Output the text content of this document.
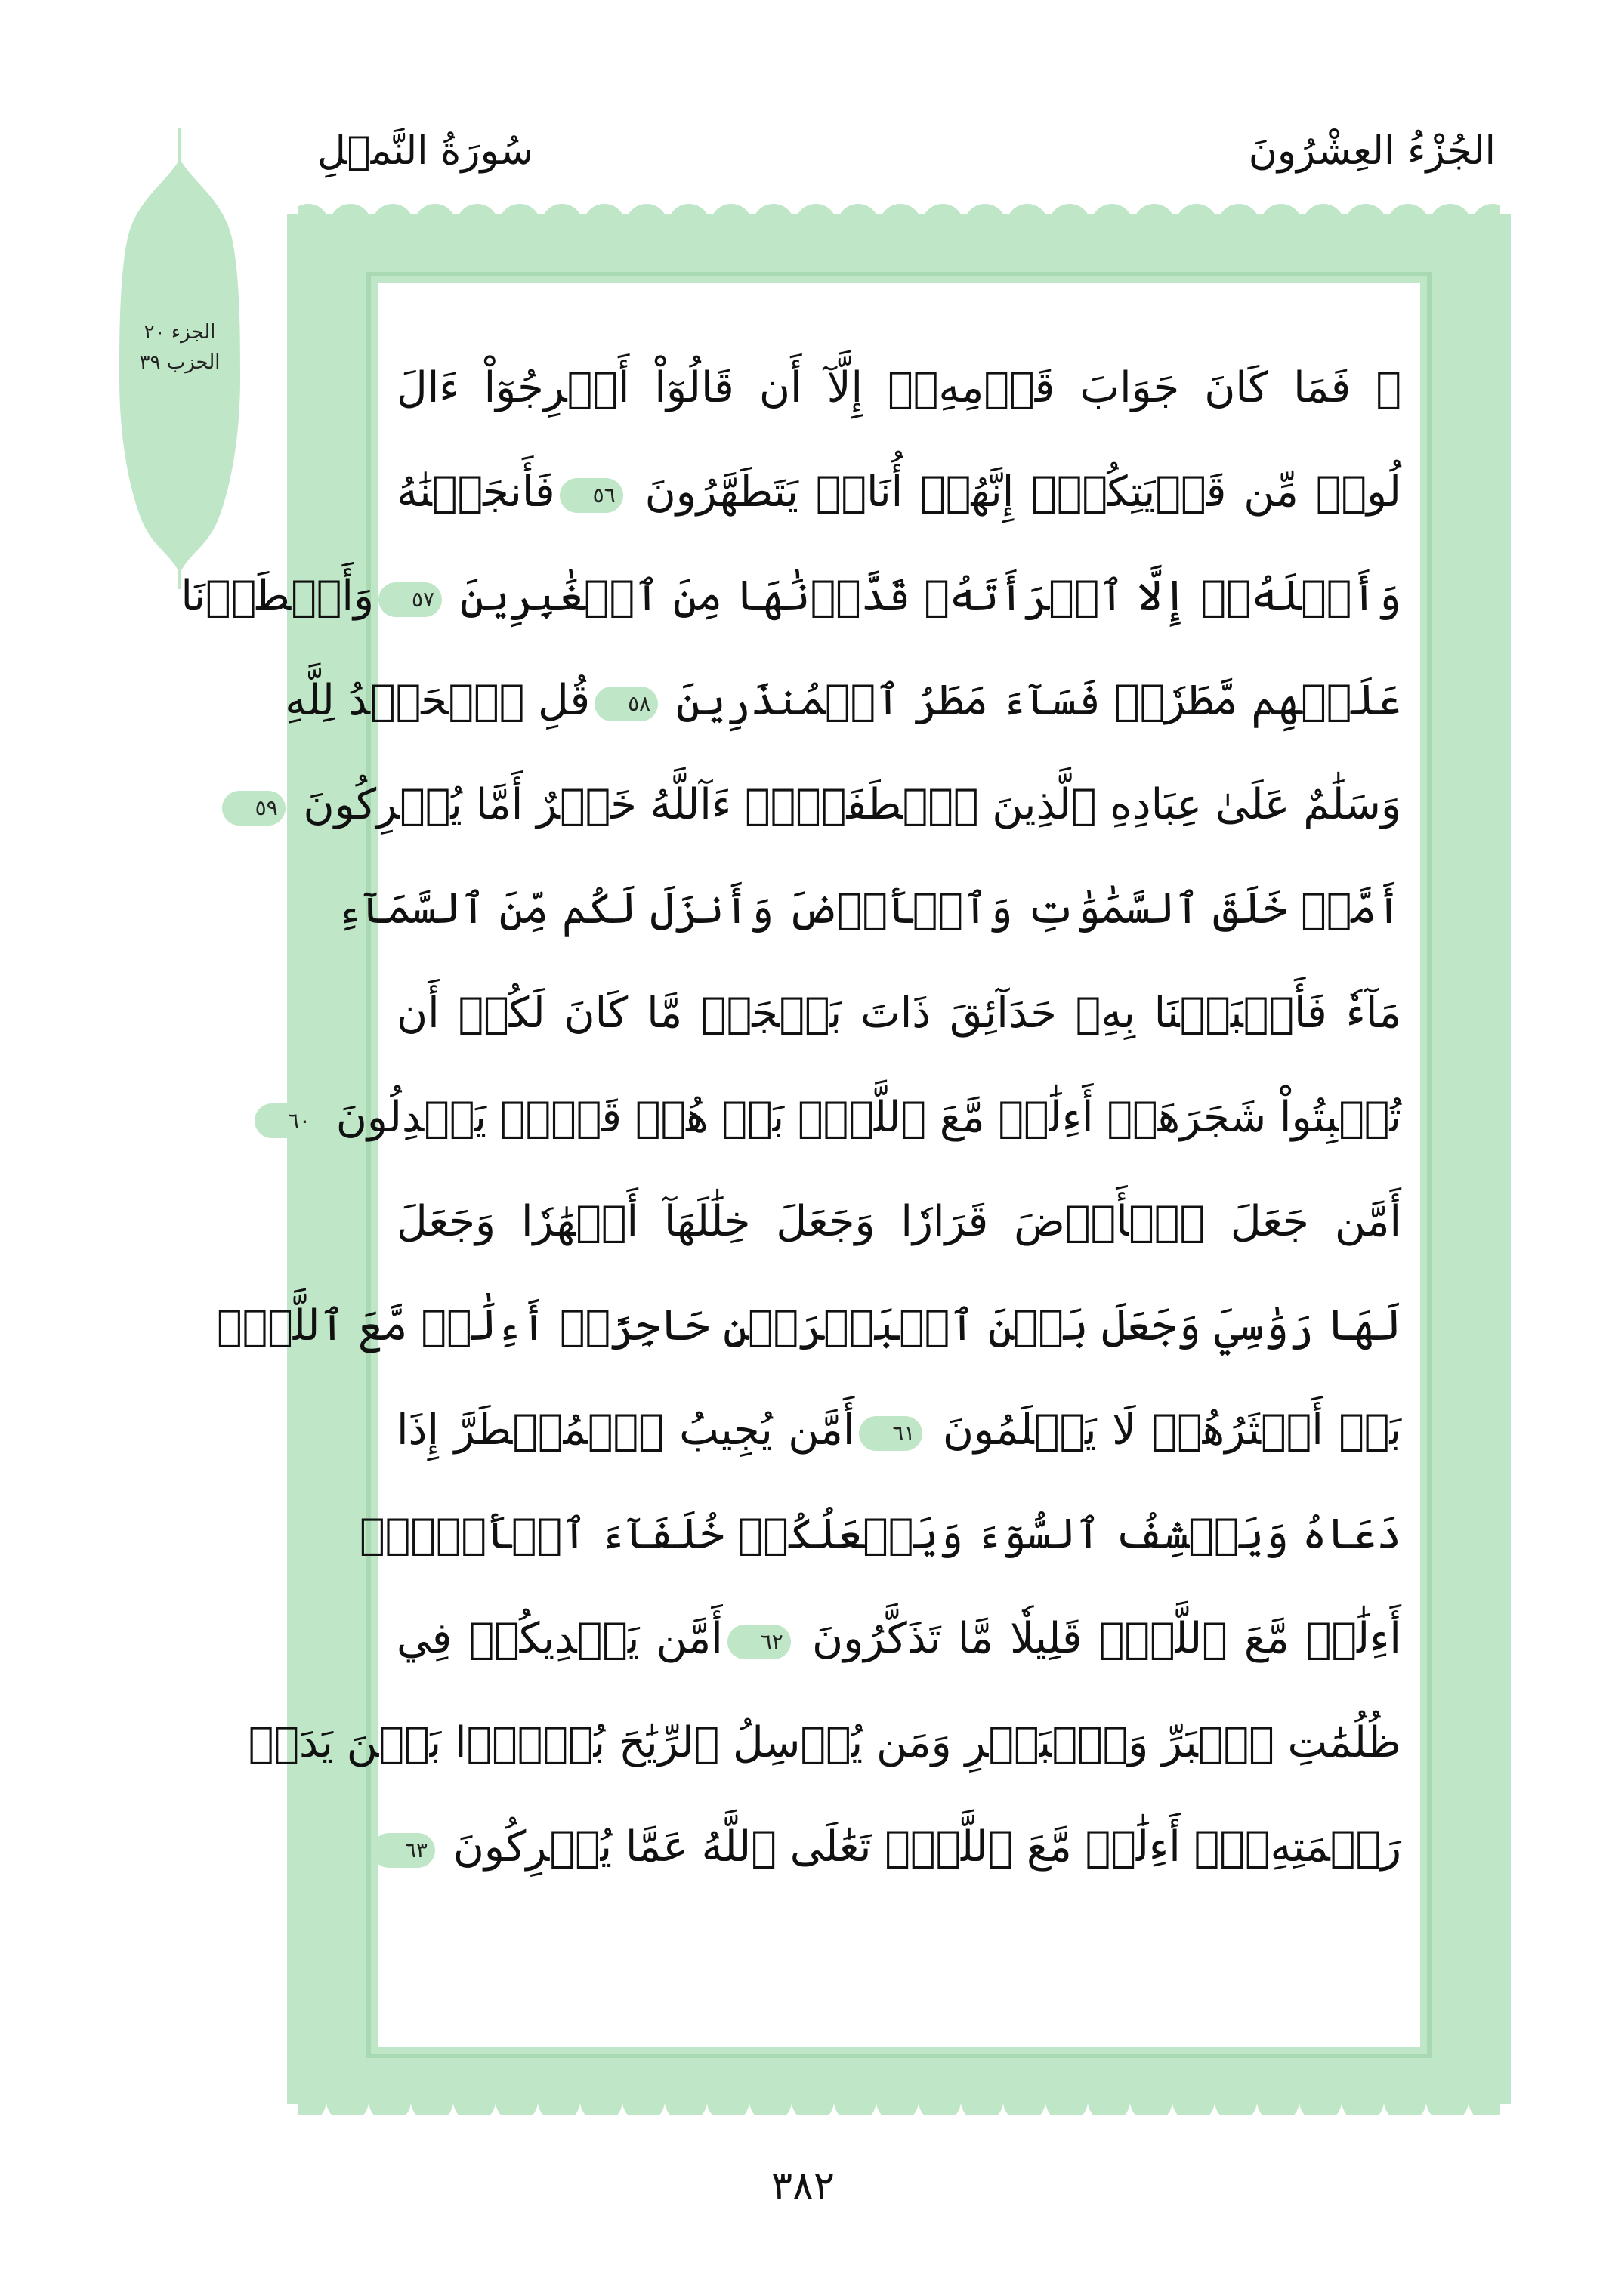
الجُزْءُ العِشْرُونَ
سُورَةُ النَّمۡلِ
الجزء ٢٠
الحزب ٣٩
۞ فَمَا كَانَ جَوَابَ قَوۡمِهِۦٓ إِلَّآ أَن قَالُوٓاْ أَخۡرِجُوٓاْ ءَالَ
لُوطٖ مِّن قَرۡيَتِكُمۡۖ إِنَّهُمۡ أُنَاسٞ يَتَطَهَّرُونَ ٥٦فَأَنجَيۡنَٰهُ
وَأَهۡلَهُۥٓ إِلَّا ٱمۡرَأَتَهُۥ قَدَّرۡنَٰهَا مِنَ ٱلۡغَٰبِرِينَ ٥٧وَأَمۡطَرۡنَا
عَلَيۡهِم مَّطَرٗاۖ فَسَآءَ مَطَرُ ٱلۡمُنذَرِينَ ٥٨قُلِ ٱلۡحَمۡدُ لِلَّهِ
وَسَلَٰمٌ عَلَىٰ عِبَادِهِ ٱلَّذِينَ ٱصۡطَفَىٰٓۗ ءَآللَّهُ خَيۡرٌ أَمَّا يُشۡرِكُونَ ٥٩
أَمَّنۡ خَلَقَ ٱلسَّمَٰوَٰتِ وَٱلۡأَرۡضَ وَأَنزَلَ لَكُم مِّنَ ٱلسَّمَآءِ
مَآءٗ فَأَنۢبَتۡنَا بِهِۦ حَدَآئِقَ ذَاتَ بَهۡجَةٖ مَّا كَانَ لَكُمۡ أَن
تُنۢبِتُواْ شَجَرَهَآۗ أَءِلَٰهٞ مَّعَ ٱللَّهِۚ بَلۡ هُمۡ قَوۡمٞ يَعۡدِلُونَ ٦٠
أَمَّن جَعَلَ ٱلۡأَرۡضَ قَرَارٗا وَجَعَلَ خِلَٰلَهَآ أَنۡهَٰرٗا وَجَعَلَ
لَهَا رَوَٰسِيَ وَجَعَلَ بَيۡنَ ٱلۡبَحۡرَيۡنِ حَاجِزًاۗ أَءِلَٰهٞ مَّعَ ٱللَّهِۚ
بَلۡ أَكۡثَرُهُمۡ لَا يَعۡلَمُونَ ٦١أَمَّن يُجِيبُ ٱلۡمُضۡطَرَّ إِذَا
دَعَاهُ وَيَكۡشِفُ ٱلسُّوٓءَ وَيَجۡعَلُكُمۡ خُلَفَآءَ ٱلۡأَرۡضِۗ
أَءِلَٰهٞ مَّعَ ٱللَّهِۚ قَلِيلٗا مَّا تَذَكَّرُونَ ٦٢أَمَّن يَهۡدِيكُمۡ فِي
ظُلُمَٰتِ ٱلۡبَرِّ وَٱلۡبَحۡرِ وَمَن يُرۡسِلُ ٱلرِّيَٰحَ بُشۡرَۢا بَيۡنَ يَدَيۡ
رَحۡمَتِهِۦٓۗ أَءِلَٰهٞ مَّعَ ٱللَّهِۚ تَعَٰلَى ٱللَّهُ عَمَّا يُشۡرِكُونَ ٦٣
٣٨٢
